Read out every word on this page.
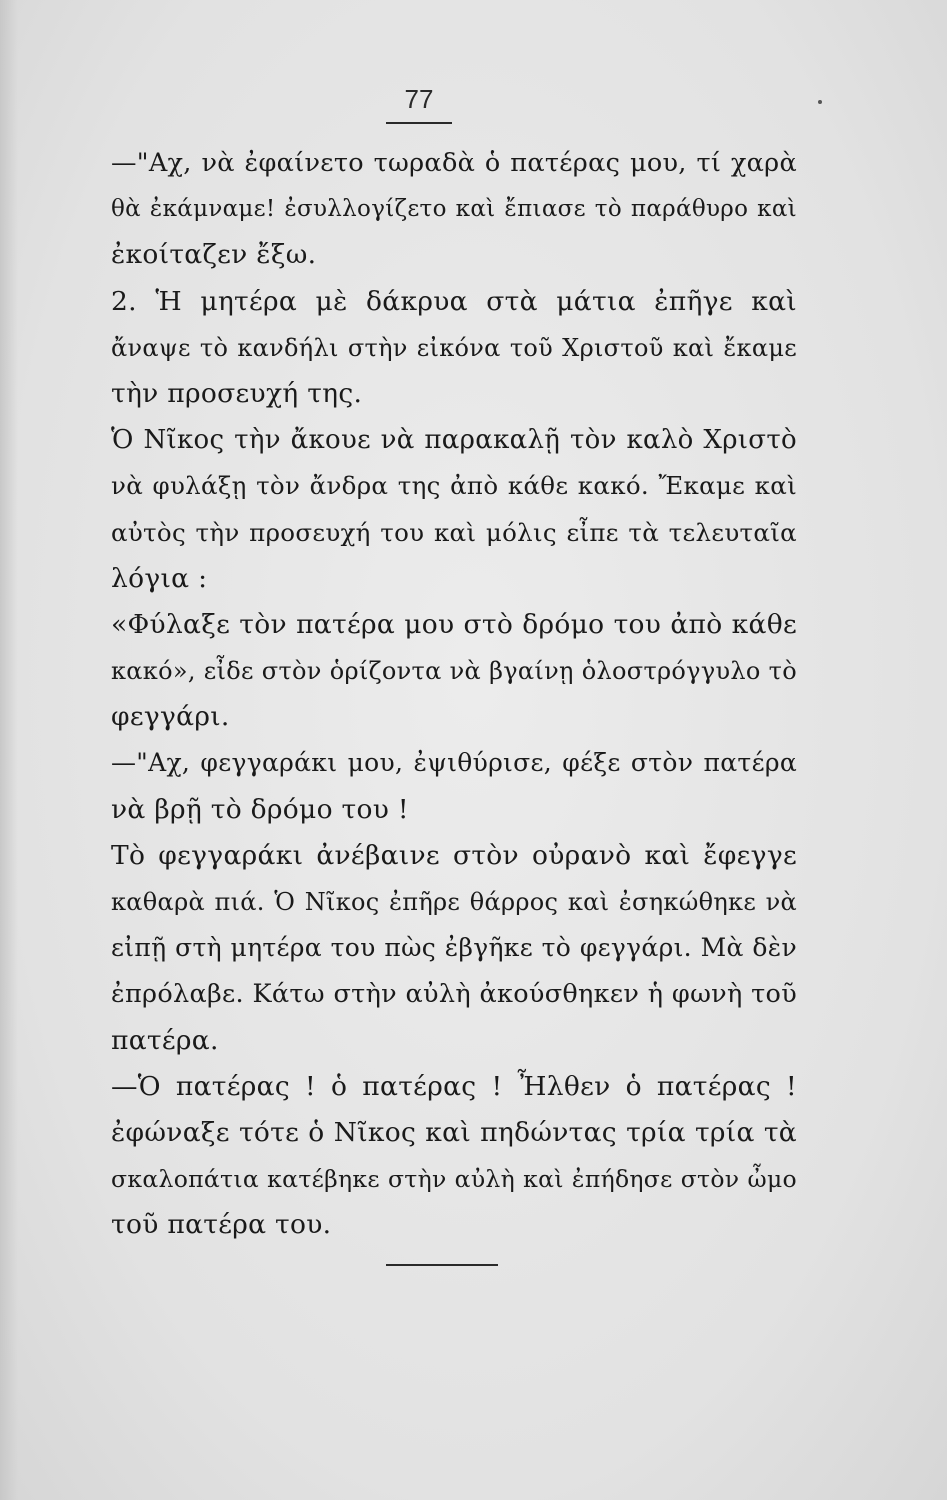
77
—"Αχ, νὰ ἐφαίνετο τωραδὰ ὁ πατέρας μου, τί χαρὰ
θὰ ἐκάμναμε! ἐσυλλογίζετο καὶ ἔπιασε τὸ παράθυρο καὶ
ἐκοίταζεν ἔξω.
2. Ἡ μητέρα μὲ δάκρυα στὰ μάτια ἐπῆγε καὶ
ἄναψε τὸ κανδήλι στὴν εἰκόνα τοῦ Χριστοῦ καὶ ἔκαμε
τὴν προσευχή της.
Ὁ Νῖκος τὴν ἄκουε νὰ παρακαλῇ τὸν καλὸ Χριστὸ
νὰ φυλάξῃ τὸν ἄνδρα της ἀπὸ κάθε κακό. Ἔκαμε καὶ
αὐτὸς τὴν προσευχή του καὶ μόλις εἶπε τὰ τελευταῖα
λόγια :
«Φύλαξε τὸν πατέρα μου στὸ δρόμο του ἀπὸ κάθε
κακό», εἶδε στὸν ὁρίζοντα νὰ βγαίνῃ ὁλοστρόγγυλο τὸ
φεγγάρι.
—"Αχ, φεγγαράκι μου, ἐψιθύρισε, φέξε στὸν πατέρα
νὰ βρῇ τὸ δρόμο του !
Τὸ φεγγαράκι ἀνέβαινε στὸν οὐρανὸ καὶ ἔφεγγε
καθαρὰ πιά. Ὁ Νῖκος ἐπῆρε θάρρος καὶ ἐσηκώθηκε νὰ
εἰπῇ στὴ μητέρα του πὼς ἐβγῆκε τὸ φεγγάρι. Μὰ δὲν
ἐπρόλαβε. Κάτω στὴν αὐλὴ ἀκούσθηκεν ἡ φωνὴ τοῦ
πατέρα.
—Ὁ πατέρας ! ὁ πατέρας ! Ἦλθεν ὁ πατέρας !
ἐφώναξε τότε ὁ Νῖκος καὶ πηδώντας τρία τρία τὰ
σκαλοπάτια κατέβηκε στὴν αὐλὴ καὶ ἐπήδησε στὸν ὦμο
τοῦ πατέρα του.
